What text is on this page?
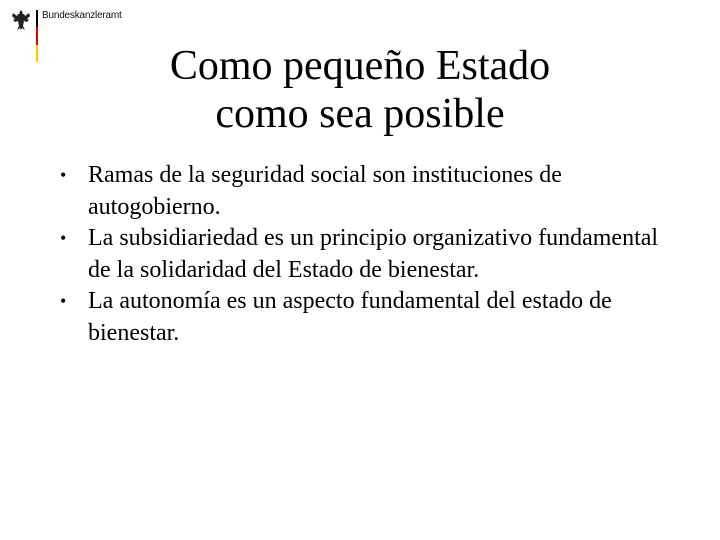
Bundeskanzleramt
Como pequeño Estado
como sea posible
• Ramas de la seguridad social son instituciones de autogobierno.
• La subsidiariedad es un principio organizativo fundamental de la solidaridad del Estado de bienestar.
• La autonomía es un aspecto fundamental del estado de bienestar.
